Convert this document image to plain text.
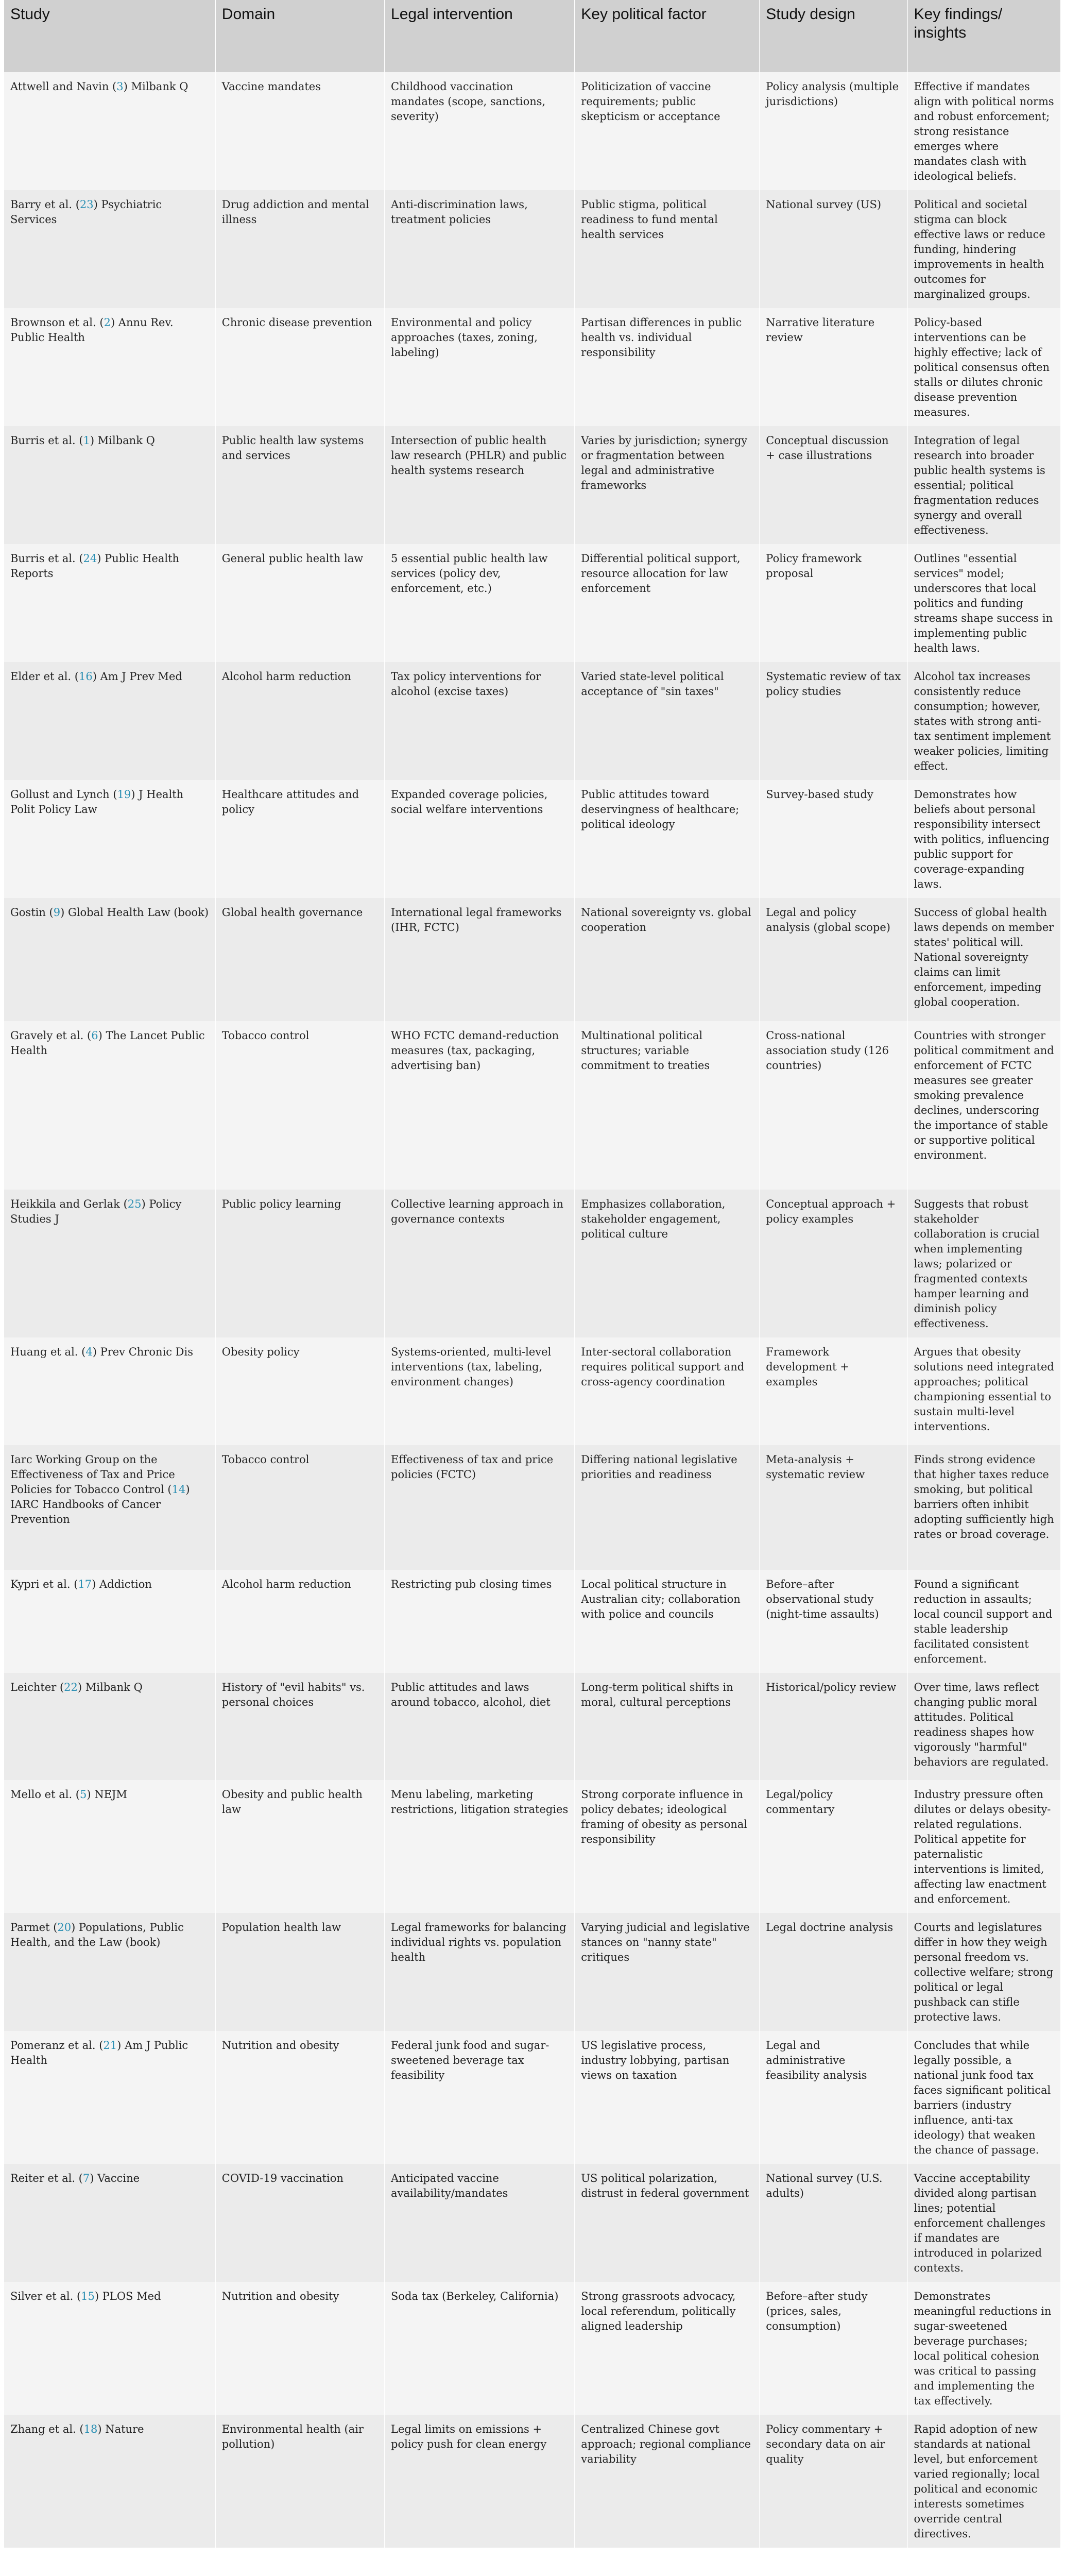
Study	Domain	Legal intervention	Key political factor	Study design	Key findings/ insights
Attwell and Navin (3) Milbank Q	Vaccine mandates	Childhood vaccination mandates (scope, sanctions, severity)	Politicization of vaccine requirements; public skepticism or acceptance	Policy analysis (multiple jurisdictions)	Effective if mandates align with political norms and robust enforcement; strong resistance emerges where mandates clash with ideological beliefs.
Barry et al. (23) Psychiatric Services	Drug addiction and mental illness	Anti-discrimination laws, treatment policies	Public stigma, political readiness to fund mental health services	National survey (US)	Political and societal stigma can block effective laws or reduce funding, hindering improvements in health outcomes for marginalized groups.
Brownson et al. (2) Annu Rev. Public Health	Chronic disease prevention	Environmental and policy approaches (taxes, zoning, labeling)	Partisan differences in public health vs. individual responsibility	Narrative literature review	Policy-based interventions can be highly effective; lack of political consensus often stalls or dilutes chronic disease prevention measures.
Burris et al. (1) Milbank Q	Public health law systems and services	Intersection of public health law research (PHLR) and public health systems research	Varies by jurisdiction; synergy or fragmentation between legal and administrative frameworks	Conceptual discussion + case illustrations	Integration of legal research into broader public health systems is essential; political fragmentation reduces synergy and overall effectiveness.
Burris et al. (24) Public Health Reports	General public health law	5 essential public health law services (policy dev, enforcement, etc.)	Differential political support, resource allocation for law enforcement	Policy framework proposal	Outlines "essential services" model; underscores that local politics and funding streams shape success in implementing public health laws.
Elder et al. (16) Am J Prev Med	Alcohol harm reduction	Tax policy interventions for alcohol (excise taxes)	Varied state-level political acceptance of "sin taxes"	Systematic review of tax policy studies	Alcohol tax increases consistently reduce consumption; however, states with strong anti-tax sentiment implement weaker policies, limiting effect.
Gollust and Lynch (19) J Health Polit Policy Law	Healthcare attitudes and policy	Expanded coverage policies, social welfare interventions	Public attitudes toward deservingness of healthcare; political ideology	Survey-based study	Demonstrates how beliefs about personal responsibility intersect with politics, influencing public support for coverage-expanding laws.
Gostin (9) Global Health Law (book)	Global health governance	International legal frameworks (IHR, FCTC)	National sovereignty vs. global cooperation	Legal and policy analysis (global scope)	Success of global health laws depends on member states' political will. National sovereignty claims can limit enforcement, impeding global cooperation.
Gravely et al. (6) The Lancet Public Health	Tobacco control	WHO FCTC demand-reduction measures (tax, packaging, advertising ban)	Multinational political structures; variable commitment to treaties	Cross-national association study (126 countries)	Countries with stronger political commitment and enforcement of FCTC measures see greater smoking prevalence declines, underscoring the importance of stable or supportive political environment.
Heikkila and Gerlak (25) Policy Studies J	Public policy learning	Collective learning approach in governance contexts	Emphasizes collaboration, stakeholder engagement, political culture	Conceptual approach + policy examples	Suggests that robust stakeholder collaboration is crucial when implementing laws; polarized or fragmented contexts hamper learning and diminish policy effectiveness.
Huang et al. (4) Prev Chronic Dis	Obesity policy	Systems-oriented, multi-level interventions (tax, labeling, environment changes)	Inter-sectoral collaboration requires political support and cross-agency coordination	Framework development + examples	Argues that obesity solutions need integrated approaches; political championing essential to sustain multi-level interventions.
Iarc Working Group on the Effectiveness of Tax and Price Policies for Tobacco Control (14) IARC Handbooks of Cancer Prevention	Tobacco control	Effectiveness of tax and price policies (FCTC)	Differing national legislative priorities and readiness	Meta-analysis + systematic review	Finds strong evidence that higher taxes reduce smoking, but political barriers often inhibit adopting sufficiently high rates or broad coverage.
Kypri et al. (17) Addiction	Alcohol harm reduction	Restricting pub closing times	Local political structure in Australian city; collaboration with police and councils	Before–after observational study (night-time assaults)	Found a significant reduction in assaults; local council support and stable leadership facilitated consistent enforcement.
Leichter (22) Milbank Q	History of "evil habits" vs. personal choices	Public attitudes and laws around tobacco, alcohol, diet	Long-term political shifts in moral, cultural perceptions	Historical/policy review	Over time, laws reflect changing public moral attitudes. Political readiness shapes how vigorously "harmful" behaviors are regulated.
Mello et al. (5) NEJM	Obesity and public health law	Menu labeling, marketing restrictions, litigation strategies	Strong corporate influence in policy debates; ideological framing of obesity as personal responsibility	Legal/policy commentary	Industry pressure often dilutes or delays obesity-related regulations. Political appetite for paternalistic interventions is limited, affecting law enactment and enforcement.
Parmet (20) Populations, Public Health, and the Law (book)	Population health law	Legal frameworks for balancing individual rights vs. population health	Varying judicial and legislative stances on "nanny state" critiques	Legal doctrine analysis	Courts and legislatures differ in how they weigh personal freedom vs. collective welfare; strong political or legal pushback can stifle protective laws.
Pomeranz et al. (21) Am J Public Health	Nutrition and obesity	Federal junk food and sugar-sweetened beverage tax feasibility	US legislative process, industry lobbying, partisan views on taxation	Legal and administrative feasibility analysis	Concludes that while legally possible, a national junk food tax faces significant political barriers (industry influence, anti-tax ideology) that weaken the chance of passage.
Reiter et al. (7) Vaccine	COVID-19 vaccination	Anticipated vaccine availability/mandates	US political polarization, distrust in federal government	National survey (U.S. adults)	Vaccine acceptability divided along partisan lines; potential enforcement challenges if mandates are introduced in polarized contexts.
Silver et al. (15) PLOS Med	Nutrition and obesity	Soda tax (Berkeley, California)	Strong grassroots advocacy, local referendum, politically aligned leadership	Before–after study (prices, sales, consumption)	Demonstrates meaningful reductions in sugar-sweetened beverage purchases; local political cohesion was critical to passing and implementing the tax effectively.
Zhang et al. (18) Nature	Environmental health (air pollution)	Legal limits on emissions + policy push for clean energy	Centralized Chinese govt approach; regional compliance variability	Policy commentary + secondary data on air quality	Rapid adoption of new standards at national level, but enforcement varied regionally; local political and economic interests sometimes override central directives.
